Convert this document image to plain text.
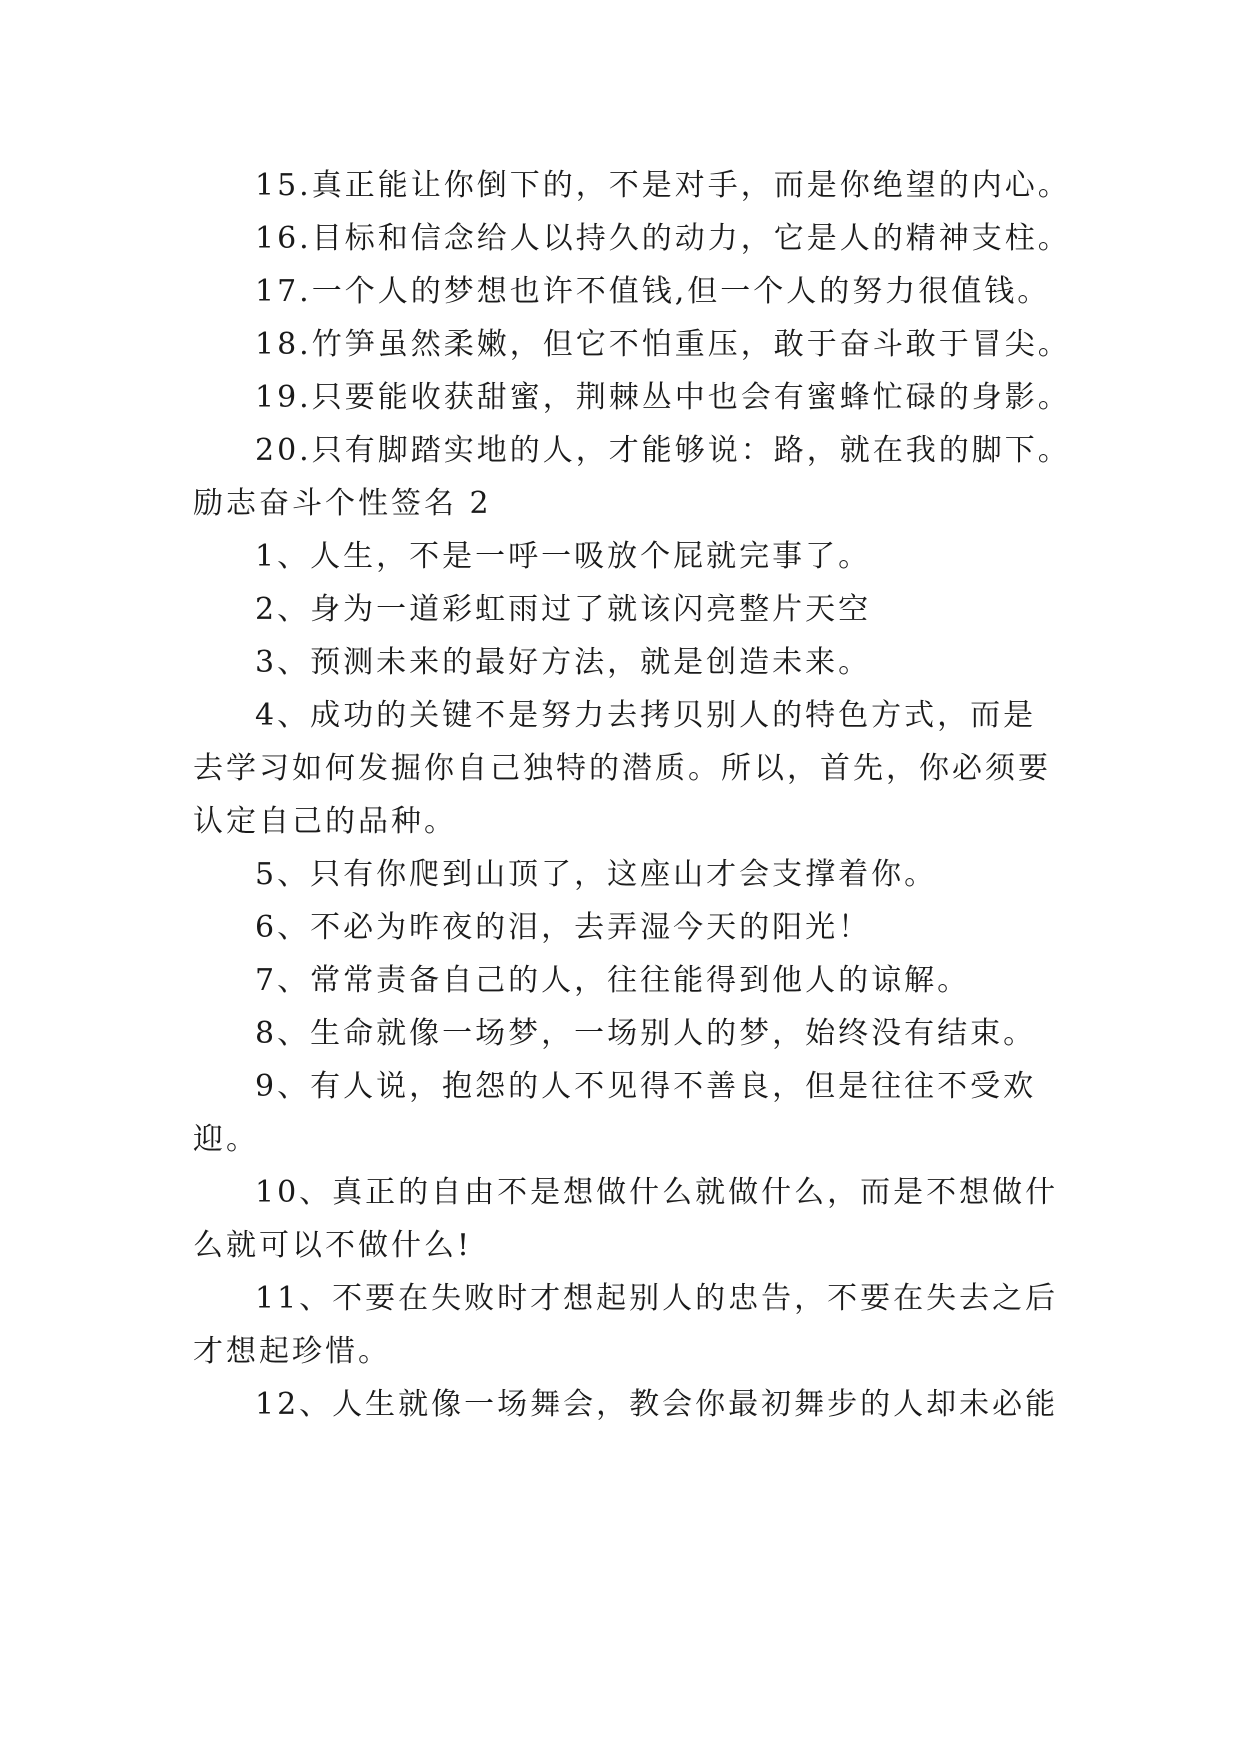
15.真正能让你倒下的，不是对手，而是你绝望的内心。
16.目标和信念给人以持久的动力，它是人的精神支柱。
17.一个人的梦想也许不值钱,但一个人的努力很值钱。
18.竹笋虽然柔嫩，但它不怕重压，敢于奋斗敢于冒尖。
19.只要能收获甜蜜，荆棘丛中也会有蜜蜂忙碌的身影。
20.只有脚踏实地的人，才能够说：路，就在我的脚下。
励志奋斗个性签名 2
1、人生，不是一呼一吸放个屁就完事了。
2、身为一道彩虹雨过了就该闪亮整片天空
3、预测未来的最好方法，就是创造未来。
4、成功的关键不是努力去拷贝别人的特色方式，而是
去学习如何发掘你自己独特的潜质。所以，首先，你必须要
认定自己的品种。
5、只有你爬到山顶了，这座山才会支撑着你。
6、不必为昨夜的泪，去弄湿今天的阳光！
7、常常责备自己的人，往往能得到他人的谅解。
8、生命就像一场梦，一场别人的梦，始终没有结束。
9、有人说，抱怨的人不见得不善良，但是往往不受欢
迎。
10、真正的自由不是想做什么就做什么，而是不想做什
么就可以不做什么!
11、不要在失败时才想起别人的忠告，不要在失去之后
才想起珍惜。
12、人生就像一场舞会，教会你最初舞步的人却未必能
